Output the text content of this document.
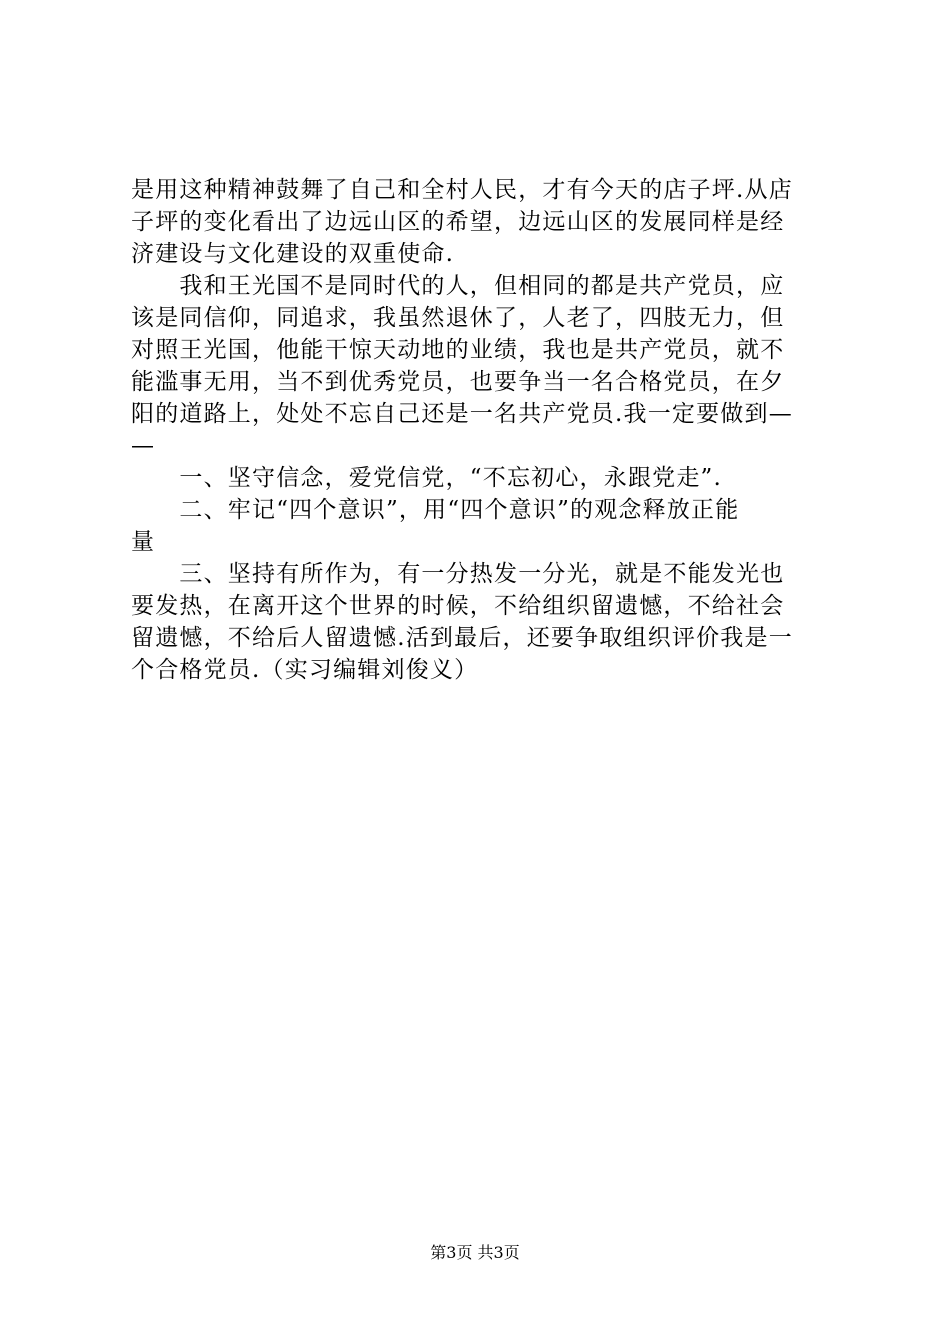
是用这种精神鼓舞了自己和全村人民，才有今天的店子坪.从店
子坪的变化看出了边远山区的希望，边远山区的发展同样是经
济建设与文化建设的双重使命.
　　我和王光国不是同时代的人，但相同的都是共产党员，应
该是同信仰，同追求，我虽然退休了，人老了，四肢无力，但
对照王光国，他能干惊天动地的业绩，我也是共产党员，就不
能滥事无用，当不到优秀党员，也要争当一名合格党员，在夕
阳的道路上，处处不忘自己还是一名共产党员.我一定要做到—
—
　　一、坚守信念，爱党信党，“不忘初心，永跟党走”.
　　二、牢记“四个意识”，用“四个意识”的观念释放正能
量
　　三、坚持有所作为，有一分热发一分光，就是不能发光也
要发热，在离开这个世界的时候，不给组织留遗憾，不给社会
留遗憾，不给后人留遗憾.活到最后，还要争取组织评价我是一
个合格党员.（实习编辑刘俊义）
第3页 共3页
